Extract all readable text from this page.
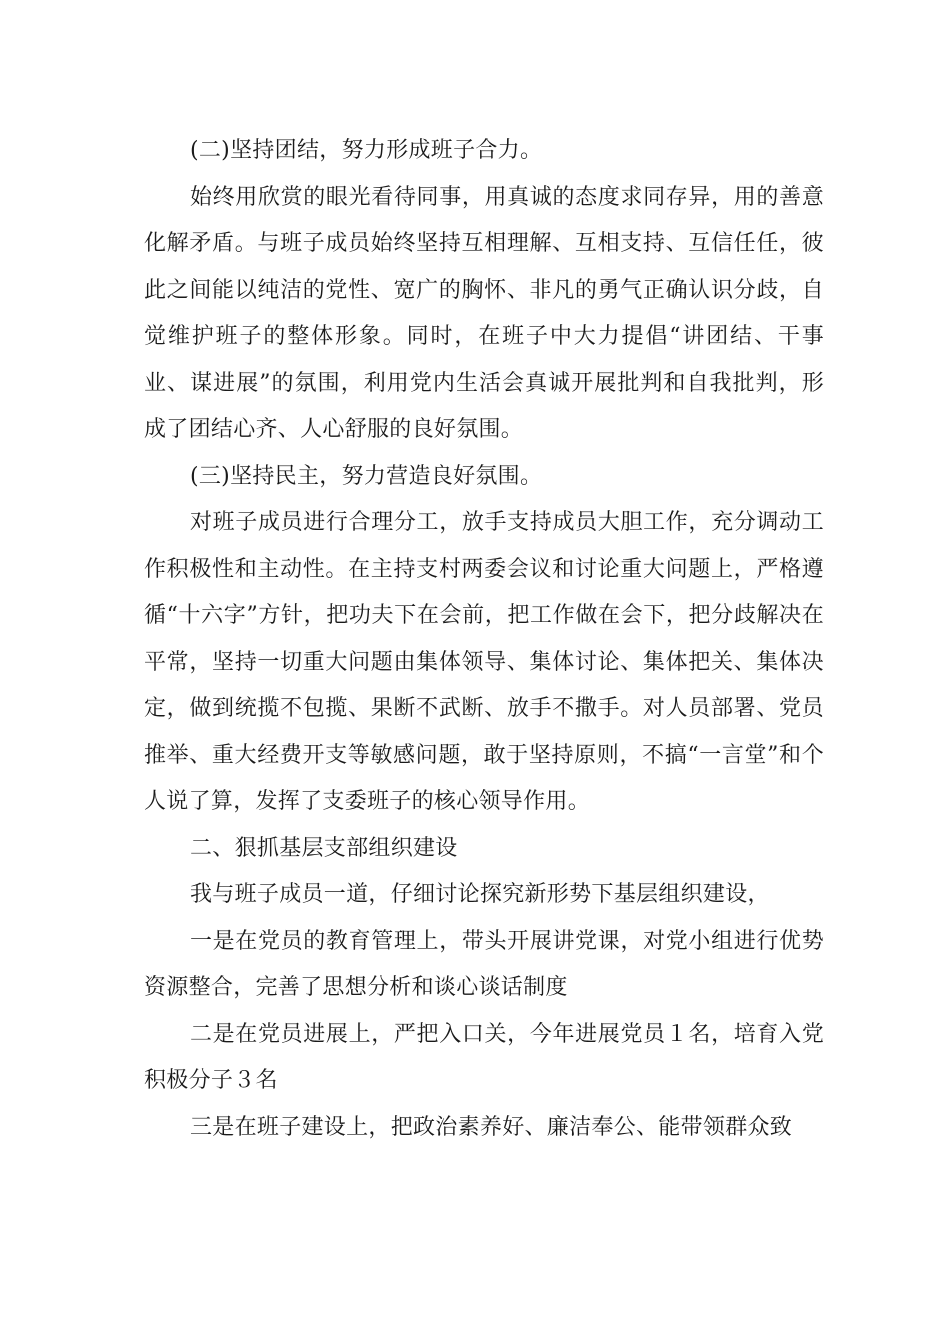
(二)坚持团结，努力形成班子合力。

始终用欣赏的眼光看待同事，用真诚的态度求同存异，用的善意化解矛盾。与班子成员始终坚持互相理解、互相支持、互信任任，彼此之间能以纯洁的党性、宽广的胸怀、非凡的勇气正确认识分歧，自觉维护班子的整体形象。同时，在班子中大力提倡“讲团结、干事业、谋进展”的氛围，利用党内生活会真诚开展批判和自我批判，形成了团结心齐、人心舒服的良好氛围。

(三)坚持民主，努力营造良好氛围。

对班子成员进行合理分工，放手支持成员大胆工作，充分调动工作积极性和主动性。在主持支村两委会议和讨论重大问题上，严格遵循“十六字”方针，把功夫下在会前，把工作做在会下，把分歧解决在平常，坚持一切重大问题由集体领导、集体讨论、集体把关、集体决定，做到统揽不包揽、果断不武断、放手不撒手。对人员部署、党员推举、重大经费开支等敏感问题，敢于坚持原则，不搞“一言堂”和个人说了算，发挥了支委班子的核心领导作用。

二、狠抓基层支部组织建设

我与班子成员一道，仔细讨论探究新形势下基层组织建设，

一是在党员的教育管理上，带头开展讲党课，对党小组进行优势资源整合，完善了思想分析和谈心谈话制度

二是在党员进展上，严把入口关，今年进展党员１名，培育入党积极分子３名

三是在班子建设上，把政治素养好、廉洁奉公、能带领群众致
